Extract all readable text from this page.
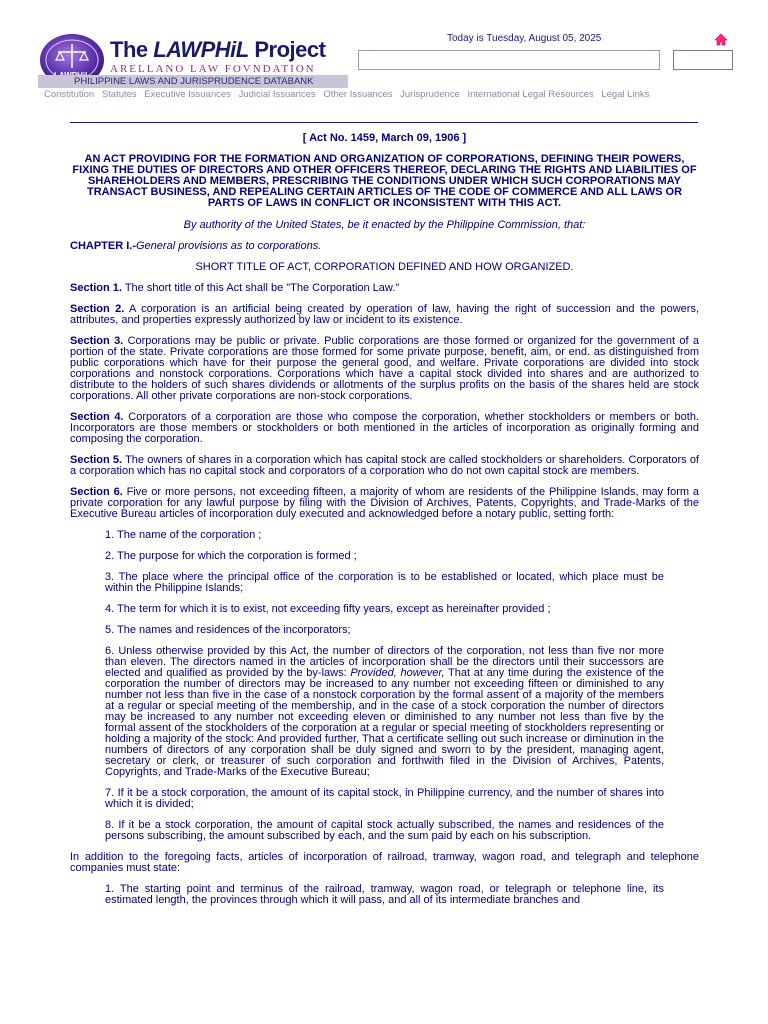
The LAWPHiL Project
ARELLANO LAW FOVNDATION
PHILIPPINE LAWS AND JURISPRUDENCE DATABANK
Today is Tuesday, August 05, 2025
Constitution Statutes Executive Issuances Judicial Issuances Other Issuances Jurisprudence International Legal Resources Legal Links

[ Act No. 1459, March 09, 1906 ]

AN ACT PROVIDING FOR THE FORMATION AND ORGANIZATION OF CORPORATIONS, DEFINING THEIR POWERS, FIXING THE DUTIES OF DIRECTORS AND OTHER OFFICERS THEREOF, DECLARING THE RIGHTS AND LIABILITIES OF SHAREHOLDERS AND MEMBERS, PRESCRIBING THE CONDITIONS UNDER WHICH SUCH CORPORATIONS MAY TRANSACT BUSINESS, AND REPEALING CERTAIN ARTICLES OF THE CODE OF COMMERCE AND ALL LAWS OR PARTS OF LAWS IN CONFLICT OR INCONSISTENT WITH THIS ACT.

By authority of the United States, be it enacted by the Philippine Commission, that:

CHAPTER I.-General provisions as to corporations.

SHORT TITLE OF ACT, CORPORATION DEFINED AND HOW ORGANIZED.

Section 1. The short title of this Act shall be "The Corporation Law."

Section 2. A corporation is an artificial being created by operation of law, having the right of succession and the powers, attributes, and properties expressly authorized by law or incident to its existence.

Section 3. Corporations may be public or private. Public corporations are those formed or organized for the government of a portion of the state. Private corporations are those formed for some private purpose, benefit, aim, or end. as distinguished from public corporations which have for their purpose the general good, and welfare. Private corporations are divided into stock corporations and nonstock corporations. Corporations which have a capital stock divided into shares and are authorized to distribute to the holders of such shares dividends or allotments of the surplus profits on the basis of the shares held are stock corporations. All other private corporations are non-stock corporations.

Section 4. Corporators of a corporation are those who compose the corporation, whether stockholders or members or both. Incorporators are those members or stockholders or both mentioned in the articles of incorporation as originally forming and composing the corporation.

Section 5. The owners of shares in a corporation which has capital stock are called stockholders or shareholders. Corporators of a corporation which has no capital stock and corporators of a corporation who do not own capital stock are members.

Section 6. Five or more persons, not exceeding fifteen, a majority of whom are residents of the Philippine Islands, may form a private corporation for any lawful purpose by filing with the Division of Archives, Patents, Copyrights, and Trade-Marks of the Executive Bureau articles of incorporation duly executed and acknowledged before a notary public, setting forth:

1. The name of the corporation ;

2. The purpose for which the corporation is formed ;

3. The place where the principal office of the corporation is to be established or located, which place must be within the Philippine Islands;

4. The term for which it is to exist, not exceeding fifty years, except as hereinafter provided ;

5. The names and residences of the incorporators;

6. Unless otherwise provided by this Act, the number of directors of the corporation, not less than five nor more than eleven. The directors named in the articles of incorporation shall be the directors until their successors are elected and qualified as provided by the by-laws: Provided, however, That at any time during the existence of the corporation the number of directors may be increased to any number not exceeding fifteen or diminished to any number not less than five in the case of a nonstock corporation by the formal assent of a majority of the members at a regular or special meeting of the membership, and in the case of a stock corporation the number of directors may be increased to any number not exceeding eleven or diminished to any number not less than five by the formal assent of the stockholders of the corporation at a regular or special meeting of stockholders representing or holding a majority of the stock: And provided further, That a certificate selling out such increase or diminution in the numbers of directors of any corporation shall be duly signed and sworn to by the president, managing agent, secretary or clerk, or treasurer of such corporation and forthwith filed in the Division of Archives, Patents, Copyrights, and Trade-Marks of the Executive Bureau;

7. If it be a stock corporation, the amount of its capital stock, in Philippine currency, and the number of shares into which it is divided;

8. If it be a stock corporation, the amount of capital stock actually subscribed, the names and residences of the persons subscribing, the amount subscribed by each, and the sum paid by each on his subscription.

In addition to the foregoing facts, articles of incorporation of railroad, tramway, wagon road, and telegraph and telephone companies must state:

1. The starting point and terminus of the railroad, tramway, wagon road, or telegraph or telephone line, its estimated length, the provinces through which it will pass, and all of its intermediate branches and
